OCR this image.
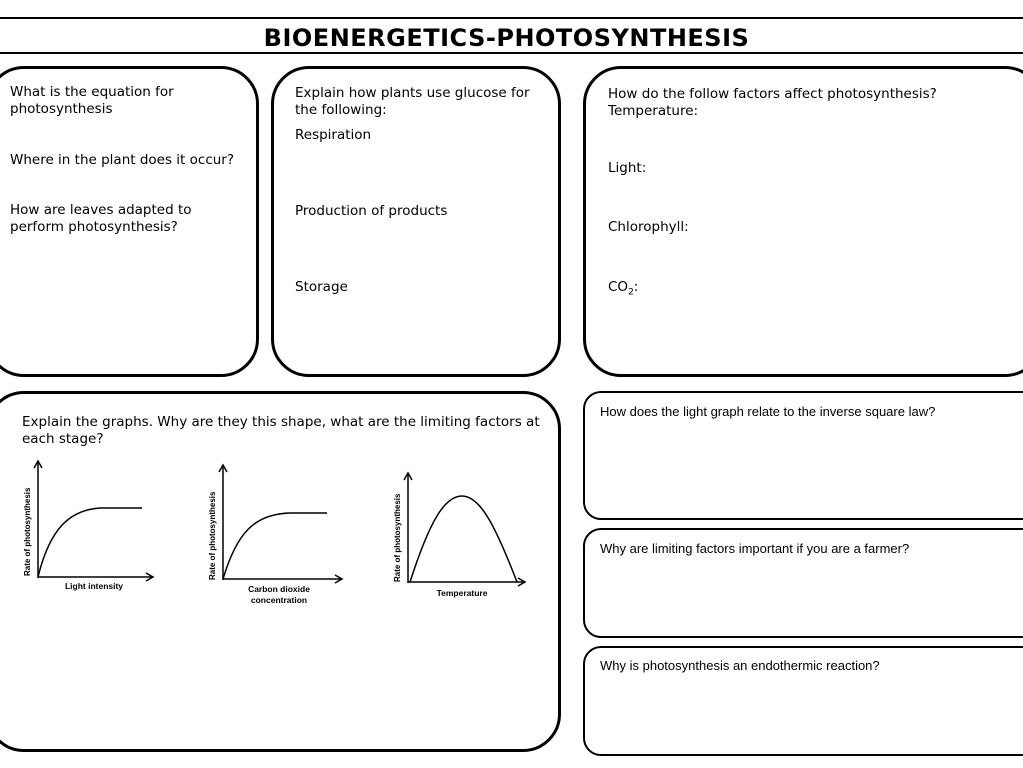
BIOENERGETICS-PHOTOSYNTHESIS
What is the equation for
photosynthesis
Where in the plant does it occur?
How are leaves adapted to
perform photosynthesis?
Explain how plants use glucose for
the following:
Respiration
Production of products
Storage
How do the follow factors affect photosynthesis?
Temperature:
Light:
Chlorophyll:
$CO_2$:
Explain the graphs. Why are they this shape, what are the limiting factors at
each stage?
Rate of photosynthesis
Light intensity
Rate of photosynthesis
Carbon dioxide
concentration
Rate of photosynthesis
Temperature
How does the light graph relate to the inverse square law?
Why are limiting factors important if you are a farmer?
Why is photosynthesis an endothermic reaction?
